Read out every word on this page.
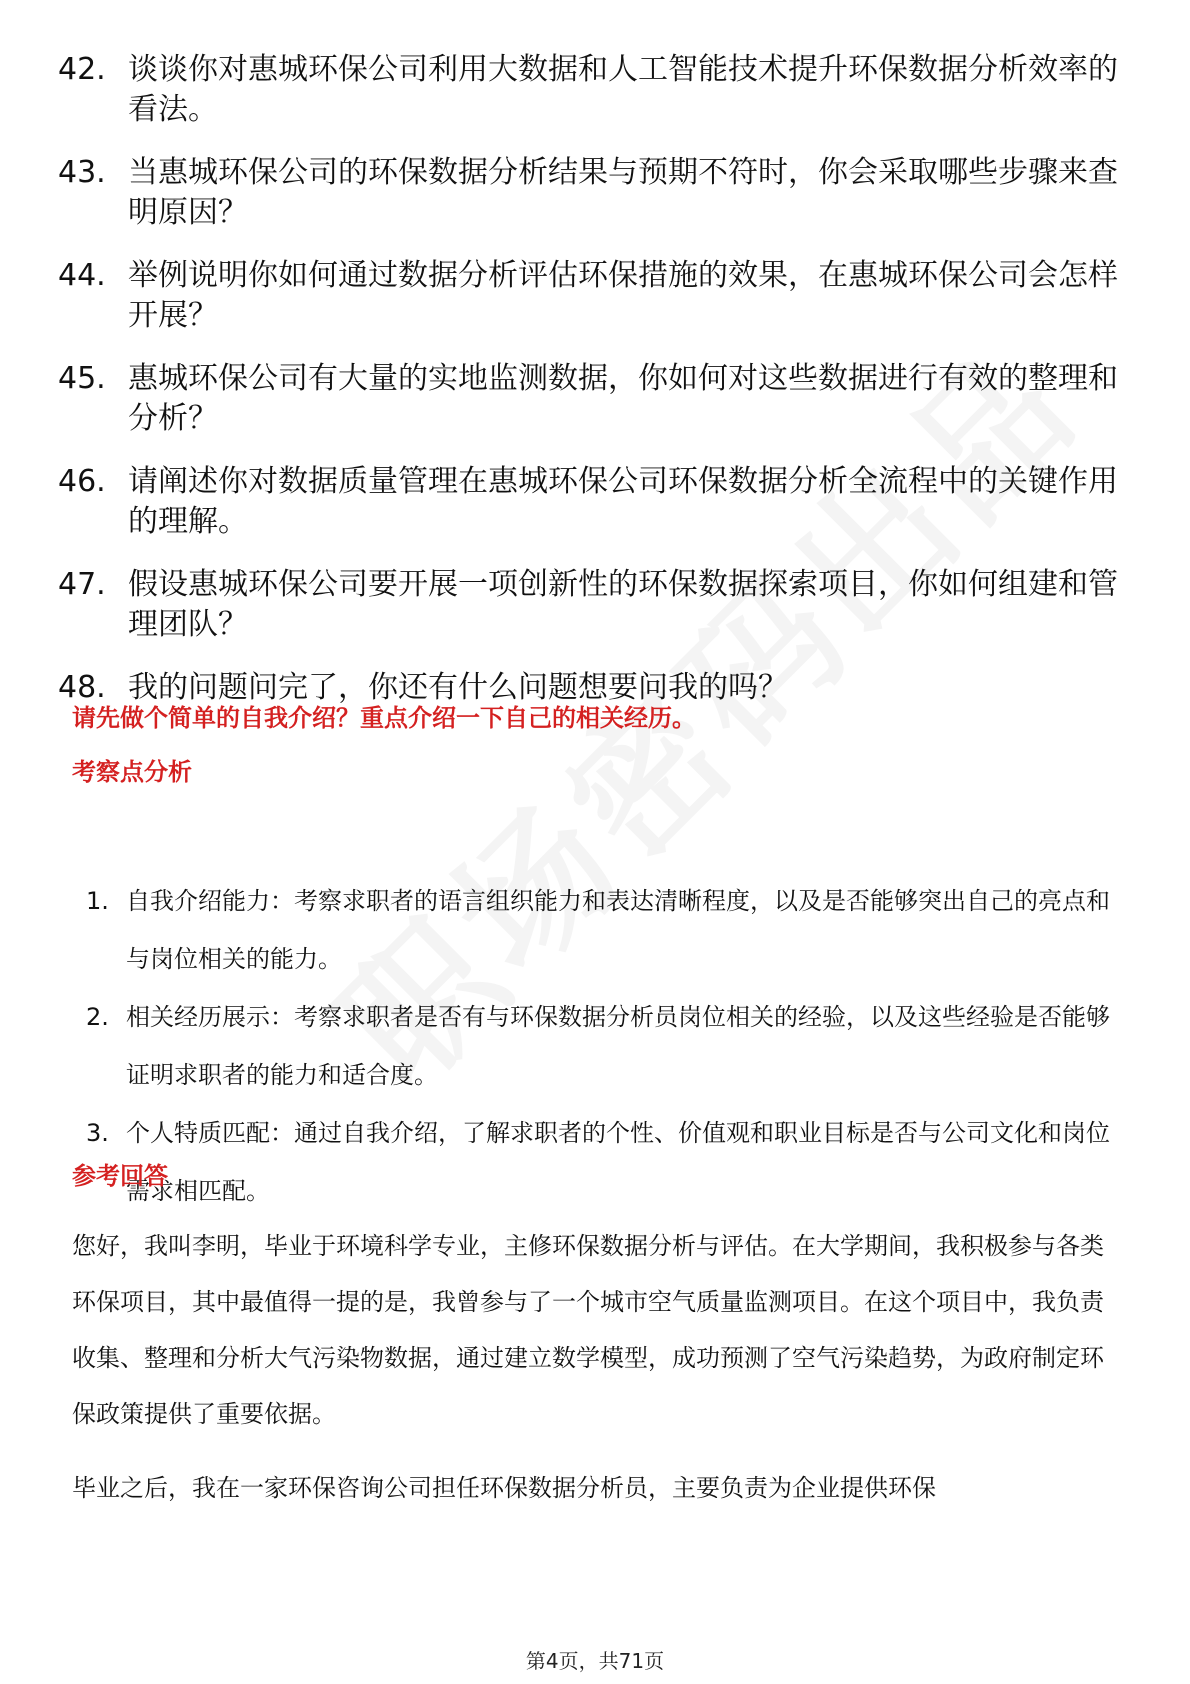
42. 谈谈你对惠城环保公司利用大数据和人工智能技术提升环保数据分析效率的看法。
43. 当惠城环保公司的环保数据分析结果与预期不符时，你会采取哪些步骤来查明原因？
44. 举例说明你如何通过数据分析评估环保措施的效果，在惠城环保公司会怎样开展？
45. 惠城环保公司有大量的实地监测数据，你如何对这些数据进行有效的整理和分析？
46. 请阐述你对数据质量管理在惠城环保公司环保数据分析全流程中的关键作用的理解。
47. 假设惠城环保公司要开展一项创新性的环保数据探索项目，你如何组建和管理团队？
48. 我的问题问完了，你还有什么问题想要问我的吗？
请先做个简单的自我介绍？重点介绍一下自己的相关经历。
考察点分析
1. 自我介绍能力：考察求职者的语言组织能力和表达清晰程度，以及是否能够突出自己的亮点和与岗位相关的能力。
2. 相关经历展示：考察求职者是否有与环保数据分析员岗位相关的经验，以及这些经验是否能够证明求职者的能力和适合度。
3. 个人特质匹配：通过自我介绍，了解求职者的个性、价值观和职业目标是否与公司文化和岗位需求相匹配。
参考回答
您好，我叫李明，毕业于环境科学专业，主修环保数据分析与评估。在大学期间，我积极参与各类环保项目，其中最值得一提的是，我曾参与了一个城市空气质量监测项目。在这个项目中，我负责收集、整理和分析大气污染物数据，通过建立数学模型，成功预测了空气污染趋势，为政府制定环保政策提供了重要依据。
毕业之后，我在一家环保咨询公司担任环保数据分析员，主要负责为企业提供环保
第4页，共71页
